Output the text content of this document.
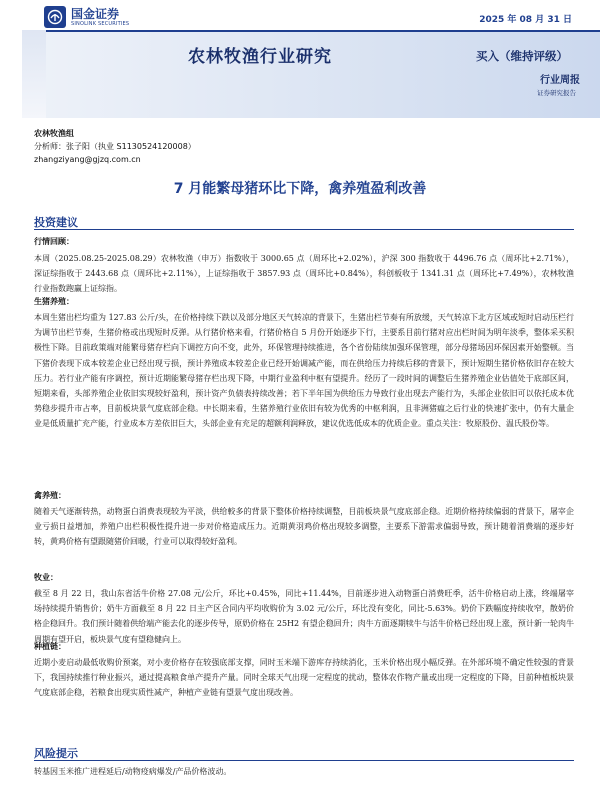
国金证券
SINOLINK SECURITIES	2025 年 08 月 31 日
农林牧渔行业研究	买入（维持评级）
行业周报
证券研究报告
农林牧渔组
分析师：张子阳（执业 S1130524120008）
zhangziyang@gjzq.com.cn
7 月能繁母猪环比下降，禽养殖盈利改善
投资建议
行情回顾：
本周（2025.08.25-2025.08.29）农林牧渔（申万）指数收于 3000.65 点（周环比+2.02%），沪深 300 指数收于 4496.76 点（周环比+2.71%），深证综指收于 2443.68 点（周环比+2.11%），上证综指收于 3857.93 点（周环比+0.84%），科创板收于 1341.31 点（周环比+7.49%），农林牧渔行业指数跑赢上证综指。
生猪养殖：
本周生猪出栏均重为 127.83 公斤/头，在价格持续下跌以及部分地区天气转凉的背景下，生猪出栏节奏有所放缓，天气转凉下北方区域或短时启动压栏行为调节出栏节奏，生猪价格或出现短时反弹。从行猪价格来看，行猪价格自 5 月份开始逐步下行，主要系目前行猪对应出栏时间为明年淡季，整体采买积极性下降。目前政策端对能繁母猪存栏向下调控方向不变，此外，环保管理持续推进，各个省份陆续加强环保管理，部分母猪场因环保因素开始整顿。当下猪价表现下成本较差企业已经出现亏损，预计养殖成本较差企业已经开始调减产能，而在供给压力持续后移的背景下，预计短期生猪价格依旧存在较大压力。若行业产能有序调控，预计近期能繁母猪存栏出现下降，中期行业盈利中枢有望提升。经历了一段时间的调整后生猪养殖企业估值处于底部区间，短期来看，头部养殖企业依旧实现较好盈利，预计资产负债表持续改善；若下半年国为供给压力导致行业出现去产能行为，头部企业依旧可以依托成本优势稳步提升市占率，目前板块景气度底部企稳。中长期来看，生猪养殖行业依旧有较为优秀的中枢利润，且非洲猪瘟之后行业的快速扩张中，仍有大量企业是低质量扩充产能，行业成本方差依旧巨大，头部企业有充足的超额利润释放，建议优选低成本的优质企业。重点关注：牧原股份、温氏股份等。
禽养殖：
随着天气逐渐转热，动物蛋白消费表现较为平淡，供给較多的背景下整体价格持续调整，目前板块景气度底部企稳。近期价格持续偏弱的背景下，屠宰企业亏损日益增加，养殖户出栏积极性提升进一步对价格造成压力。近期黄羽鸡价格出现较多调整，主要系下游需求偏弱导致，预计随着消费端的逐步好转，黄鸡价格有望跟随猪价回暖，行业可以取得较好盈利。
牧业：
截至 8 月 22 日，我山东省活牛价格 27.08 元/公斤，环比+0.45%，同比+11.44%，目前逐步进入动物蛋白消费旺季，活牛价格启动上涨，终端屠宰场持续提升销售价；奶牛方面截至 8 月 22 日主产区合同内平均收购价为 3.02 元/公斤，环比没有变化，同比-5.63%。奶价下跌幅度持续收窄，散奶价格企稳回升。我们预计随着供给端产能去化的逐步传导，原奶价格在 25H2 有望企稳回升；肉牛方面逐期犊牛与活牛价格已经出现上涨，预计新一轮肉牛周期有望开启，板块景气度有望稳健向上。
种植链：
近期小麦启动最低收购价预案，对小麦价格存在较强底部支撑，同时玉米端下游库存持续消化，玉米价格出现小幅反弹。在外部环境不确定性较强的背景下，我国持续推行种业振兴，通过提高粮食单产提升产量。同时全球天气出现一定程度的扰动，整体农作物产量或出现一定程度的下降，目前种植板块景气度底部企稳，若粮食出现实质性减产，种植产业链有望景气度出现改善。
风险提示
转基因玉米推广进程延后/动物疫病爆发/产品价格波动。
